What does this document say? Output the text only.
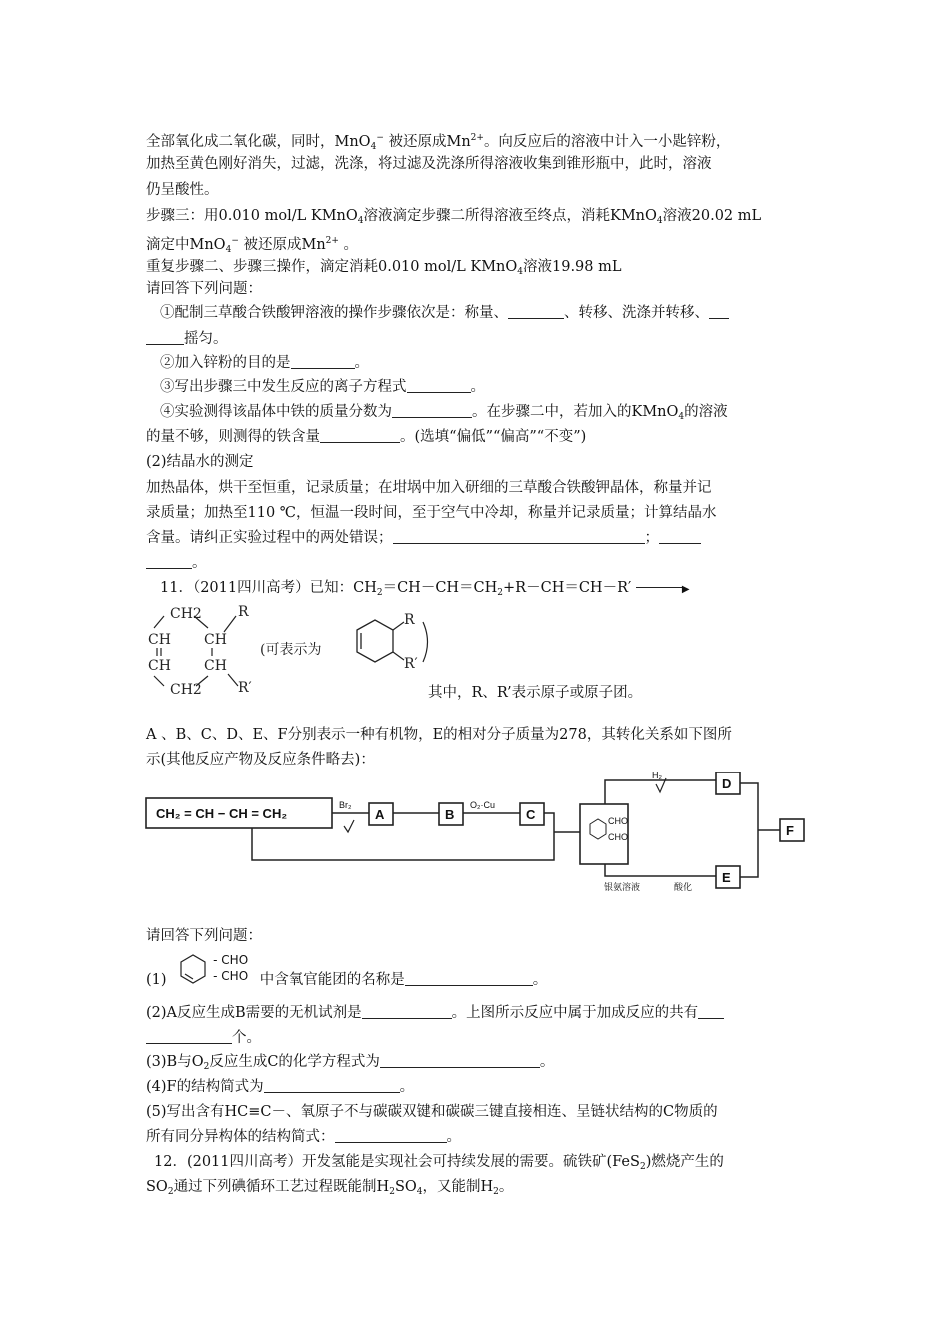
全部氧化成二氧化碳，同时，MnO$_4$− 被还原成$Mn^{2+}$。向反应后的溶液中计入一小匙锌粉，
加热至黄色刚好消失，过滤，洗涤，将过滤及洗涤所得溶液收集到锥形瓶中，此时，溶液
仍呈酸性。
步骤三：用0.010 mol/L KMnO$_4$溶液滴定步骤二所得溶液至终点，消耗KMnO$_4$溶液20.02 mL
滴定中MnO$_4$− 被还原成$Mn^{2+}$ 。
重复步骤二、步骤三操作，滴定消耗0.010 mol/L KMnO$_4$溶液19.98 mL
请回答下列问题：
①配制三草酸合铁酸钾溶液的操作步骤依次是：称量、	、转移、洗涤并转移、
摇匀。
②加入锌粉的目的是	。
③写出步骤三中发生反应的离子方程式	。
④实验测得该晶体中铁的质量分数为	。在步骤二中，若加入的KMnO$_4$的溶液
的量不够，则测得的铁含量	。(选填“偏低”“偏高”“不变”)
(2)结晶水的测定
加热晶体，烘干至恒重，记录质量；在坩埚中加入研细的三草酸合铁酸钾晶体，称量并记
录质量；加热至110 ℃，恒温一段时间，至于空气中冷却，称量并记录质量；计算结晶水
含量。请纠正实验过程中的两处错误；	；
。
11．（2011四川高考）已知：$CH_2=CH-CH=CH_2+R-CH=CH-R'$	▶
CH2
CH CH
CH CH
CH2
R
R′
(可表示为
R
R′
其中，R、R’表示原子或原子团。
A 、B、C、D、E、F分别表示一种有机物，E的相对分子质量为278，其转化关系如下图所
示(其他反应产物及反应条件略去)：
CH₂ = CH − CH = CH₂
Br₂
A	B
O₂·Cu
C	CHO
CHO
H₂
银氨溶液	酸化
D
E
F
请回答下列问题：
(1)
- CHO
- CHO 中含氧官能团的名称是	。
(2)A反应生成B需要的无机试剂是	。上图所示反应中属于加成反应的共有
个。
(3)B与$O_2$反应生成C的化学方程式为	。
(4)F的结构简式为	。
(5)写出含有HC≡C－、氧原子不与碳碳双键和碳碳三键直接相连、呈链状结构的C物质的
所有同分异构体的结构简式：	。
12．(2011四川高考）开发氢能是实现社会可持续发展的需要。硫铁矿(FeS$_2$)燃烧产生的
$SO_2$通过下列碘循环工艺过程既能制$H_2SO_4$，又能制$H_2$。
